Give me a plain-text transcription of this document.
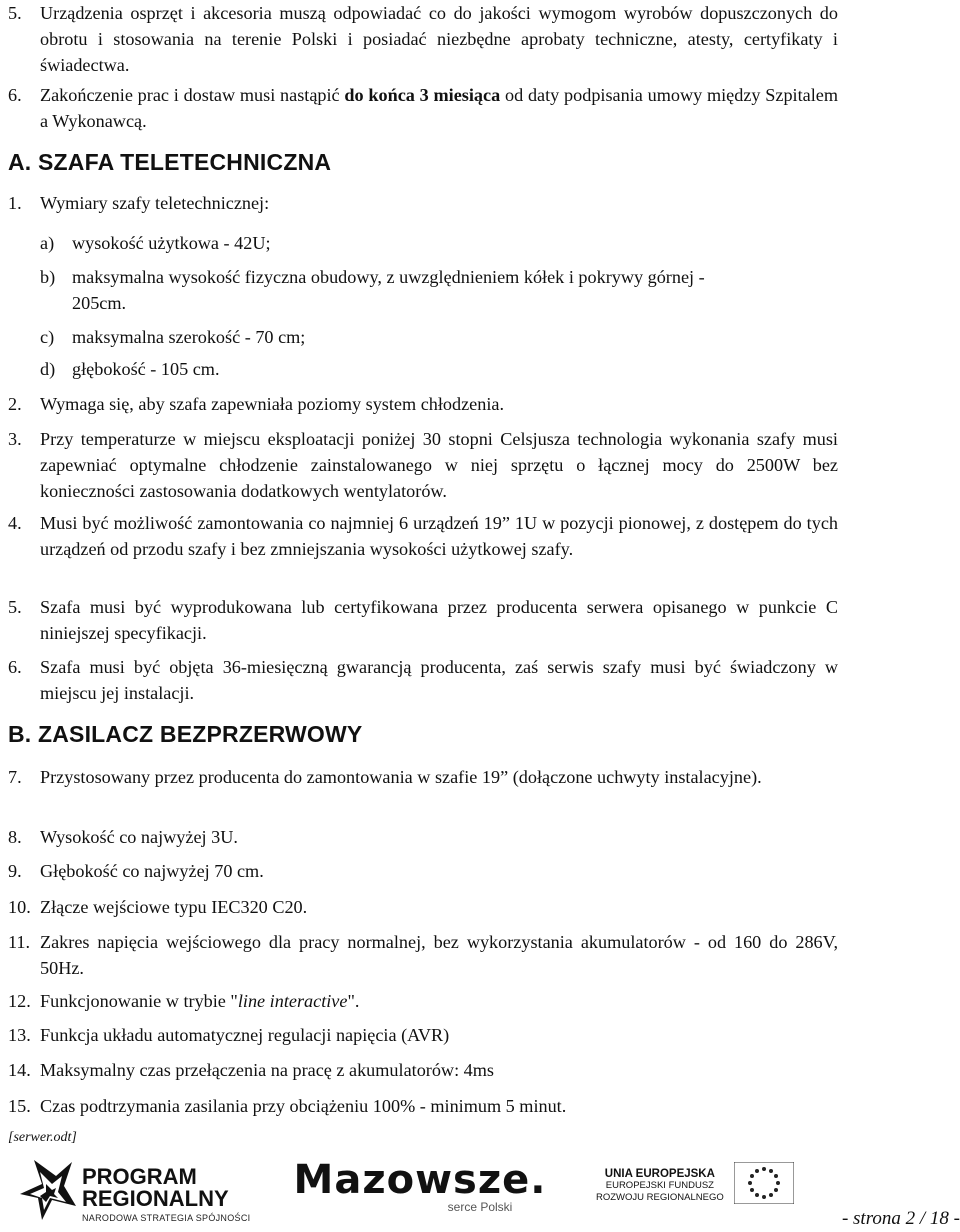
5.	Urządzenia osprzęt i akcesoria muszą odpowiadać co do jakości wymogom wyrobów dopuszczonych do obrotu i stosowania na terenie Polski i posiadać niezbędne aprobaty techniczne, atesty, certyfikaty i świadectwa.
6.	Zakończenie prac i dostaw musi nastąpić do końca 3 miesiąca od daty podpisania umowy między Szpitalem a Wykonawcą.
A. SZAFA TELETECHNICZNA
1.	Wymiary szafy teletechnicznej:
a) wysokość użytkowa - 42U;
b) maksymalna wysokość fizyczna obudowy, z uwzględnieniem kółek i pokrywy górnej -
205cm.
c) maksymalna szerokość - 70 cm;
d) głębokość - 105 cm.
2.	Wymaga się, aby szafa zapewniała poziomy system chłodzenia.
3.	Przy temperaturze w miejscu eksploatacji poniżej 30 stopni Celsjusza technologia wykonania szafy musi zapewniać optymalne chłodzenie zainstalowanego w niej sprzętu o łącznej mocy do 2500W bez konieczności zastosowania dodatkowych wentylatorów.
4.	Musi być możliwość zamontowania co najmniej 6 urządzeń 19” 1U w pozycji pionowej, z dostępem do tych urządzeń od przodu szafy i bez zmniejszania wysokości użytkowej szafy.
5.	Szafa musi być wyprodukowana lub certyfikowana przez producenta serwera opisanego w punkcie C niniejszej specyfikacji.
6.	Szafa musi być objęta 36-miesięczną gwarancją producenta, zaś serwis szafy musi być świadczony w miejscu jej instalacji.
B. ZASILACZ BEZPRZERWOWY
7.	Przystosowany przez producenta do zamontowania w szafie 19” (dołączone uchwyty instalacyjne).
8.	Wysokość co najwyżej 3U.
9.	Głębokość co najwyżej 70 cm.
10. Złącze wejściowe typu IEC320 C20.
11. Zakres napięcia wejściowego dla pracy normalnej, bez wykorzystania akumulatorów - od 160 do 286V, 50Hz.
12. Funkcjonowanie w trybie "line interactive".
13. Funkcja układu automatycznej regulacji napięcia (AVR)
14. Maksymalny czas przełączenia na pracę z akumulatorów: 4ms
15. Czas podtrzymania zasilania przy obciążeniu 100% - minimum 5 minut.
[serwer.odt]
PROGRAM
REGIONALNY
NARODOWA STRATEGIA SPÓJNOŚCI
Mazowsze.
serce Polski
UNIA EUROPEJSKA
EUROPEJSKI FUNDUSZ
ROZWOJU REGIONALNEGO
- strona 2 / 18 -
